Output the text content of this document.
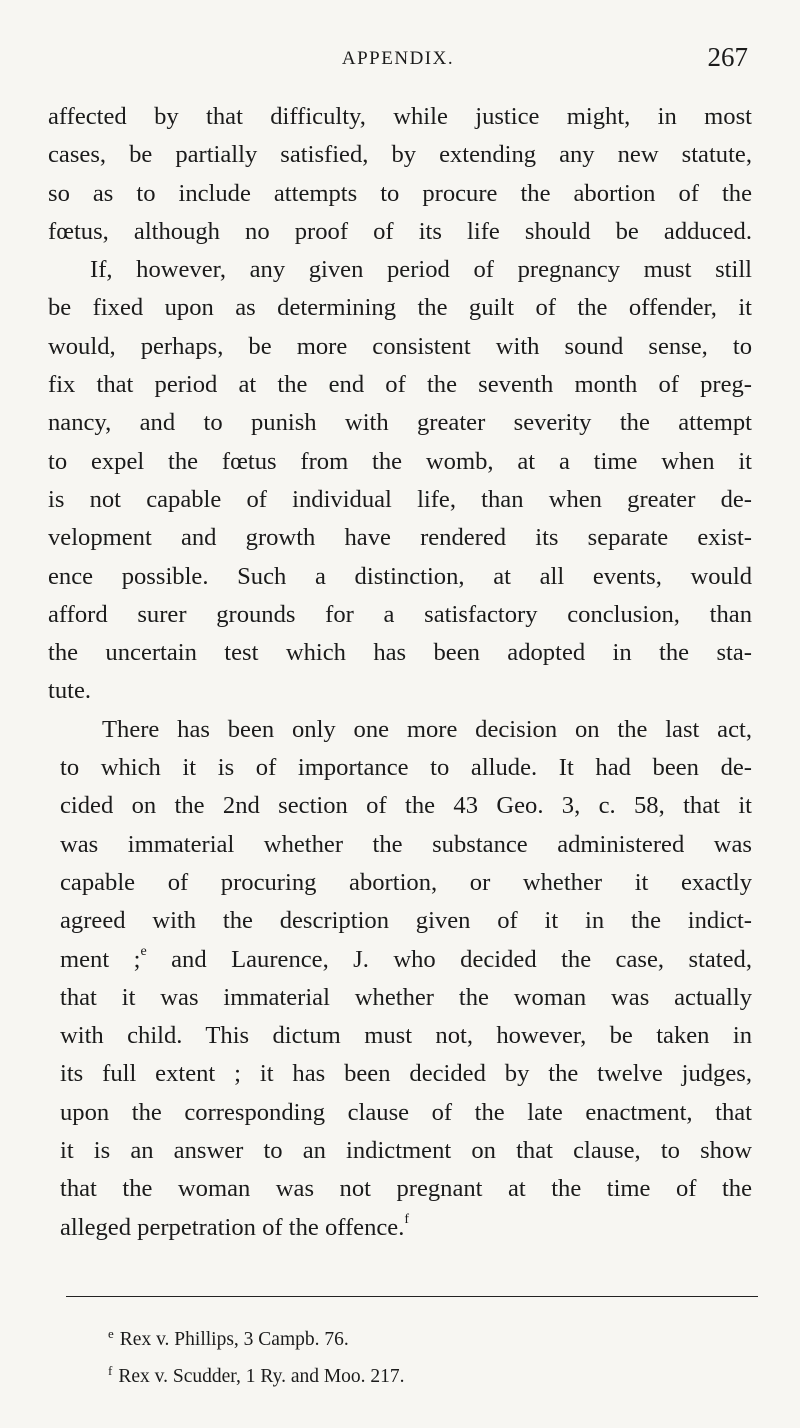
APPENDIX.	267

affected by that difficulty, while justice might, in most
cases, be partially satisfied, by extending any new statute,
so as to include attempts to procure the abortion of the
fœtus, although no proof of its life should be adduced.

If, however, any given period of pregnancy must still
be fixed upon as determining the guilt of the offender, it
would, perhaps, be more consistent with sound sense, to
fix that period at the end of the seventh month of preg-
nancy, and to punish with greater severity the attempt
to expel the fœtus from the womb, at a time when it
is not capable of individual life, than when greater de-
velopment and growth have rendered its separate exist-
ence possible. Such a distinction, at all events, would
afford surer grounds for a satisfactory conclusion, than
the uncertain test which has been adopted in the sta-
tute.

There has been only one more decision on the last act,
to which it is of importance to allude. It had been de-
cided on the 2nd section of the 43 Geo. 3, c. 58, that it
was immaterial whether the substance administered was
capable of procuring abortion, or whether it exactly
agreed with the description given of it in the indict-
ment ;$^e$ and Laurence, J. who decided the case, stated,
that it was immaterial whether the woman was actually
with child. This dictum must not, however, be taken in
its full extent ; it has been decided by the twelve judges,
upon the corresponding clause of the late enactment, that
it is an answer to an indictment on that clause, to show
that the woman was not pregnant at the time of the
alleged perpetration of the offence.$^f$

$^e$ Rex v. Phillips, 3 Campb. 76.
$^f$ Rex v. Scudder, 1 Ry. and Moo. 217.
